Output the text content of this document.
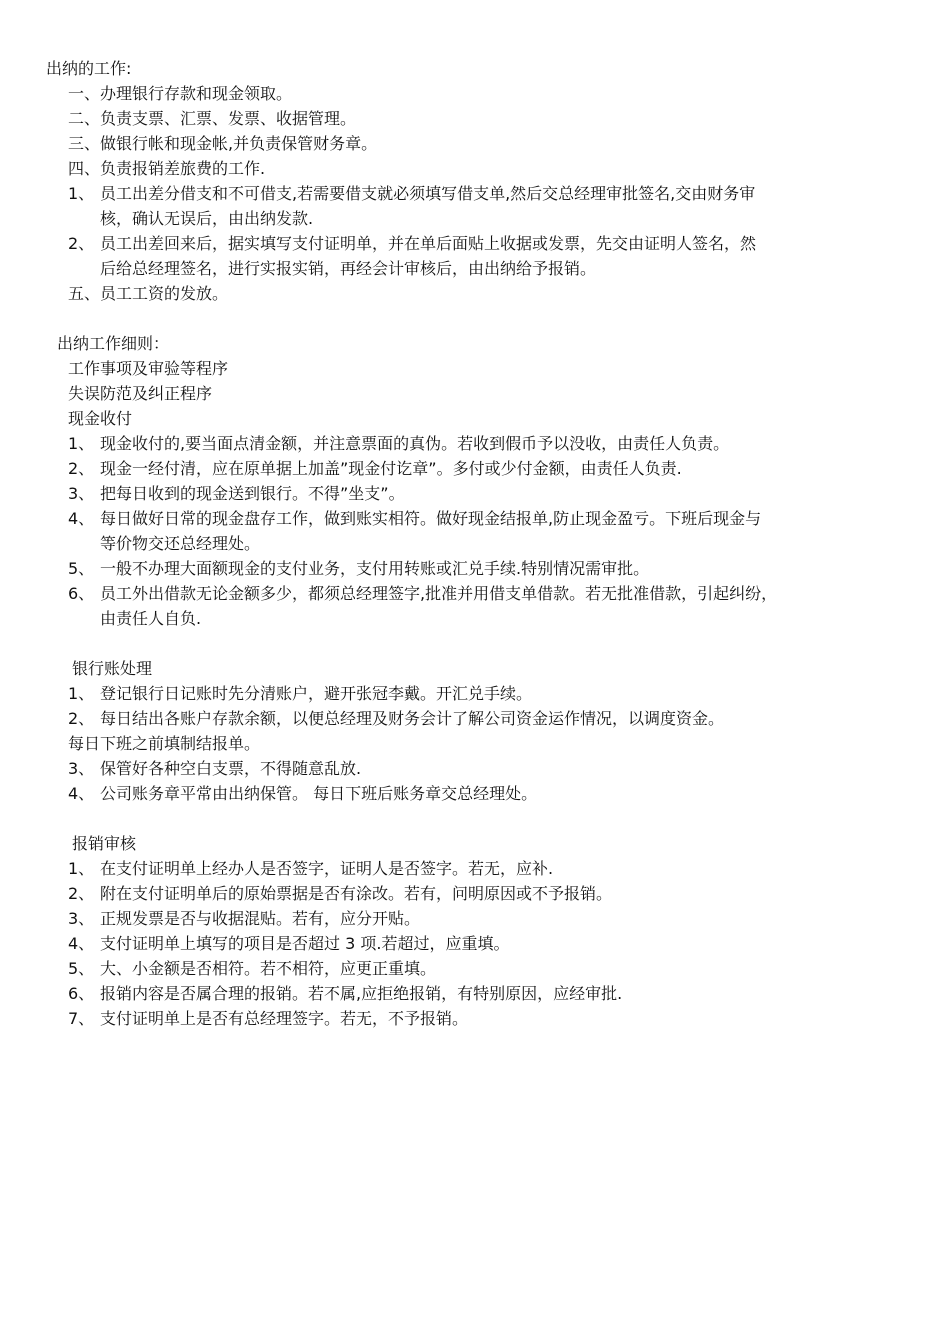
出纳的工作:

一、办理银行存款和现金领取。

二、负责支票、汇票、发票、收据管理。

三、做银行帐和现金帐,并负责保管财务章。

四、负责报销差旅费的工作.

1、 员工出差分借支和不可借支,若需要借支就必须填写借支单,然后交总经理审批签名,交由财务审

核，确认无误后，由出纳发款.

2、 员工出差回来后，据实填写支付证明单，并在单后面贴上收据或发票，先交由证明人签名，然

后给总经理签名，进行实报实销，再经会计审核后，由出纳给予报销。

五、员工工资的发放。

出纳工作细则：

工作事项及审验等程序

失误防范及纠正程序

现金收付

1、 现金收付的,要当面点清金额，并注意票面的真伪。若收到假币予以没收，由责任人负责。

2、 现金一经付清，应在原单据上加盖”现金付讫章”。多付或少付金额，由责任人负责.

3、 把每日收到的现金送到银行。不得”坐支”。

4、 每日做好日常的现金盘存工作，做到账实相符。做好现金结报单,防止现金盈亏。下班后现金与

等价物交还总经理处。

5、 一般不办理大面额现金的支付业务，支付用转账或汇兑手续.特别情况需审批。

6、 员工外出借款无论金额多少，都须总经理签字,批准并用借支单借款。若无批准借款，引起纠纷，

由责任人自负.

银行账处理

1、 登记银行日记账时先分清账户，避开张冠李戴。开汇兑手续。

2、 每日结出各账户存款余额，以便总经理及财务会计了解公司资金运作情况，以调度资金。

每日下班之前填制结报单。

3、 保管好各种空白支票，不得随意乱放.

4、 公司账务章平常由出纳保管。 每日下班后账务章交总经理处。

报销审核

1、 在支付证明单上经办人是否签字，证明人是否签字。若无，应补.

2、 附在支付证明单后的原始票据是否有涂改。若有，问明原因或不予报销。

3、 正规发票是否与收据混贴。若有，应分开贴。

4、 支付证明单上填写的项目是否超过 3 项.若超过，应重填。

5、 大、小金额是否相符。若不相符，应更正重填。

6、 报销内容是否属合理的报销。若不属,应拒绝报销，有特别原因，应经审批.

7、 支付证明单上是否有总经理签字。若无，不予报销。
